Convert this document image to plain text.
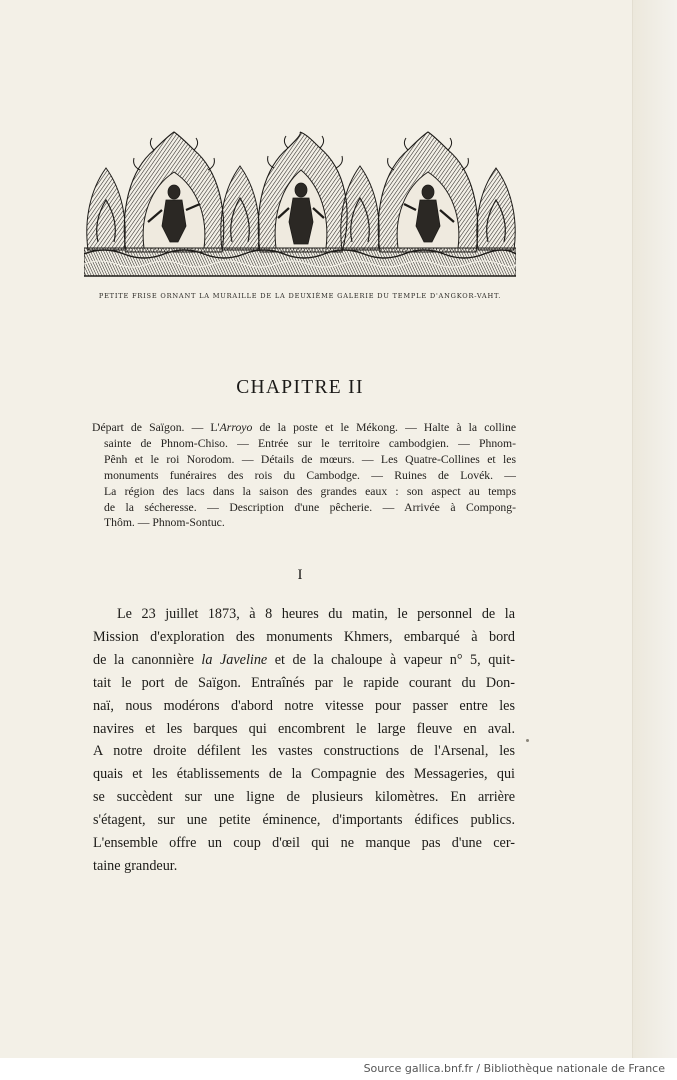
PETITE FRISE ORNANT LA MURAILLE DE LA DEUXIÈME GALERIE DU TEMPLE D'ANGKOR-VAHT.
CHAPITRE II
Départ de Saïgon. — L'Arroyo de la poste et le Mékong. — Halte à la colline
sainte de Phnom-Chiso. — Entrée sur le territoire cambodgien. — Phnom-
Pênh et le roi Norodom. — Détails de mœurs. — Les Quatre-Collines et les
monuments funéraires des rois du Cambodge. — Ruines de Lovék. —
La région des lacs dans la saison des grandes eaux : son aspect au temps
de la sécheresse. — Description d'une pêcherie. — Arrivée à Compong-
Thôm. — Phnom-Sontuc.
I
Le 23 juillet 1873, à 8 heures du matin, le personnel de la
Mission d'exploration des monuments Khmers, embarqué à bord
de la canonnière la Javeline et de la chaloupe à vapeur n° 5, quit-
tait le port de Saïgon. Entraînés par le rapide courant du Don-
naï, nous modérons d'abord notre vitesse pour passer entre les
navires et les barques qui encombrent le large fleuve en aval.
A notre droite défilent les vastes constructions de l'Arsenal, les
quais et les établissements de la Compagnie des Messageries, qui
se succèdent sur une ligne de plusieurs kilomètres. En arrière
s'étagent, sur une petite éminence, d'importants édifices publics.
L'ensemble offre un coup d'œil qui ne manque pas d'une cer-
taine grandeur.
Source gallica.bnf.fr / Bibliothèque nationale de France
